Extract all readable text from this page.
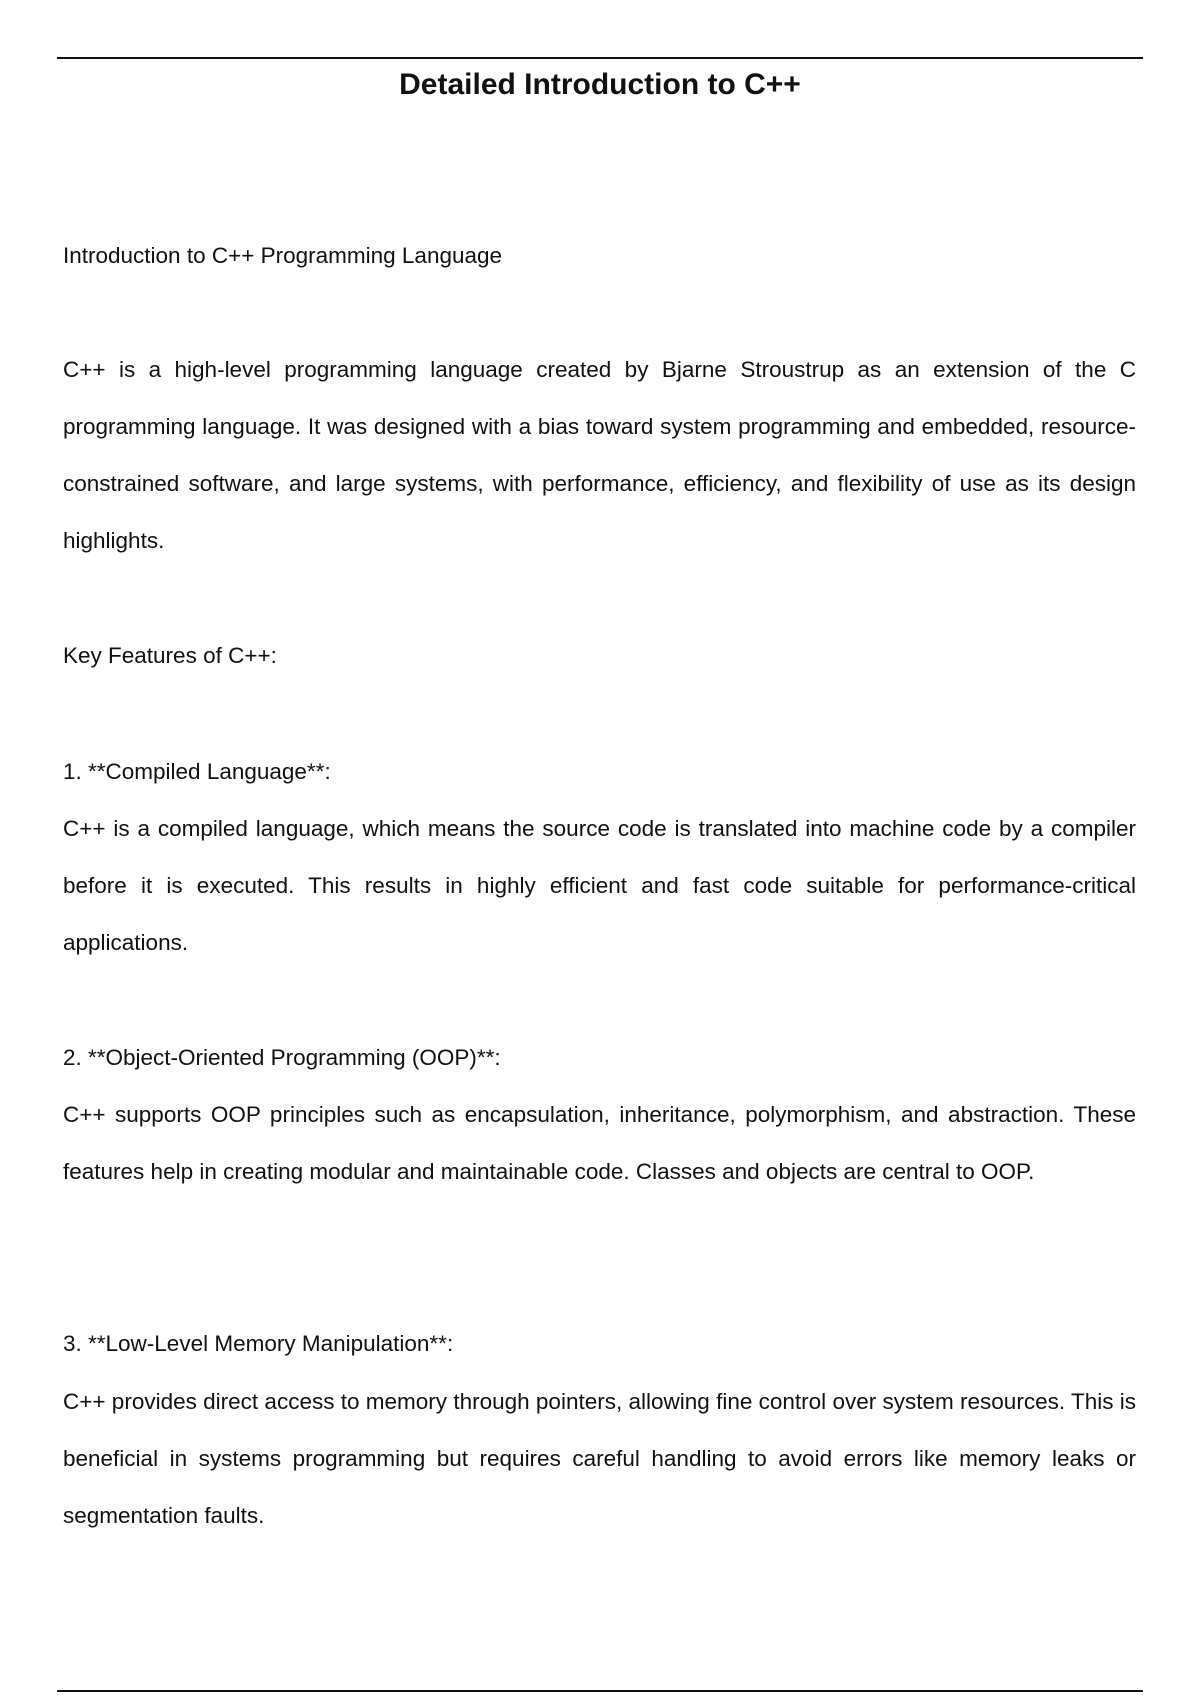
Detailed Introduction to C++

Introduction to C++ Programming Language

C++ is a high-level programming language created by Bjarne Stroustrup as an extension of the C programming language. It was designed with a bias toward system programming and embedded, resource-constrained software, and large systems, with performance, efficiency, and flexibility of use as its design highlights.

Key Features of C++:

1. **Compiled Language**:

C++ is a compiled language, which means the source code is translated into machine code by a compiler before it is executed. This results in highly efficient and fast code suitable for performance-critical applications.

2. **Object-Oriented Programming (OOP)**:

C++ supports OOP principles such as encapsulation, inheritance, polymorphism, and abstraction. These features help in creating modular and maintainable code. Classes and objects are central to OOP.

3. **Low-Level Memory Manipulation**:

C++ provides direct access to memory through pointers, allowing fine control over system resources. This is beneficial in systems programming but requires careful handling to avoid errors like memory leaks or segmentation faults.
